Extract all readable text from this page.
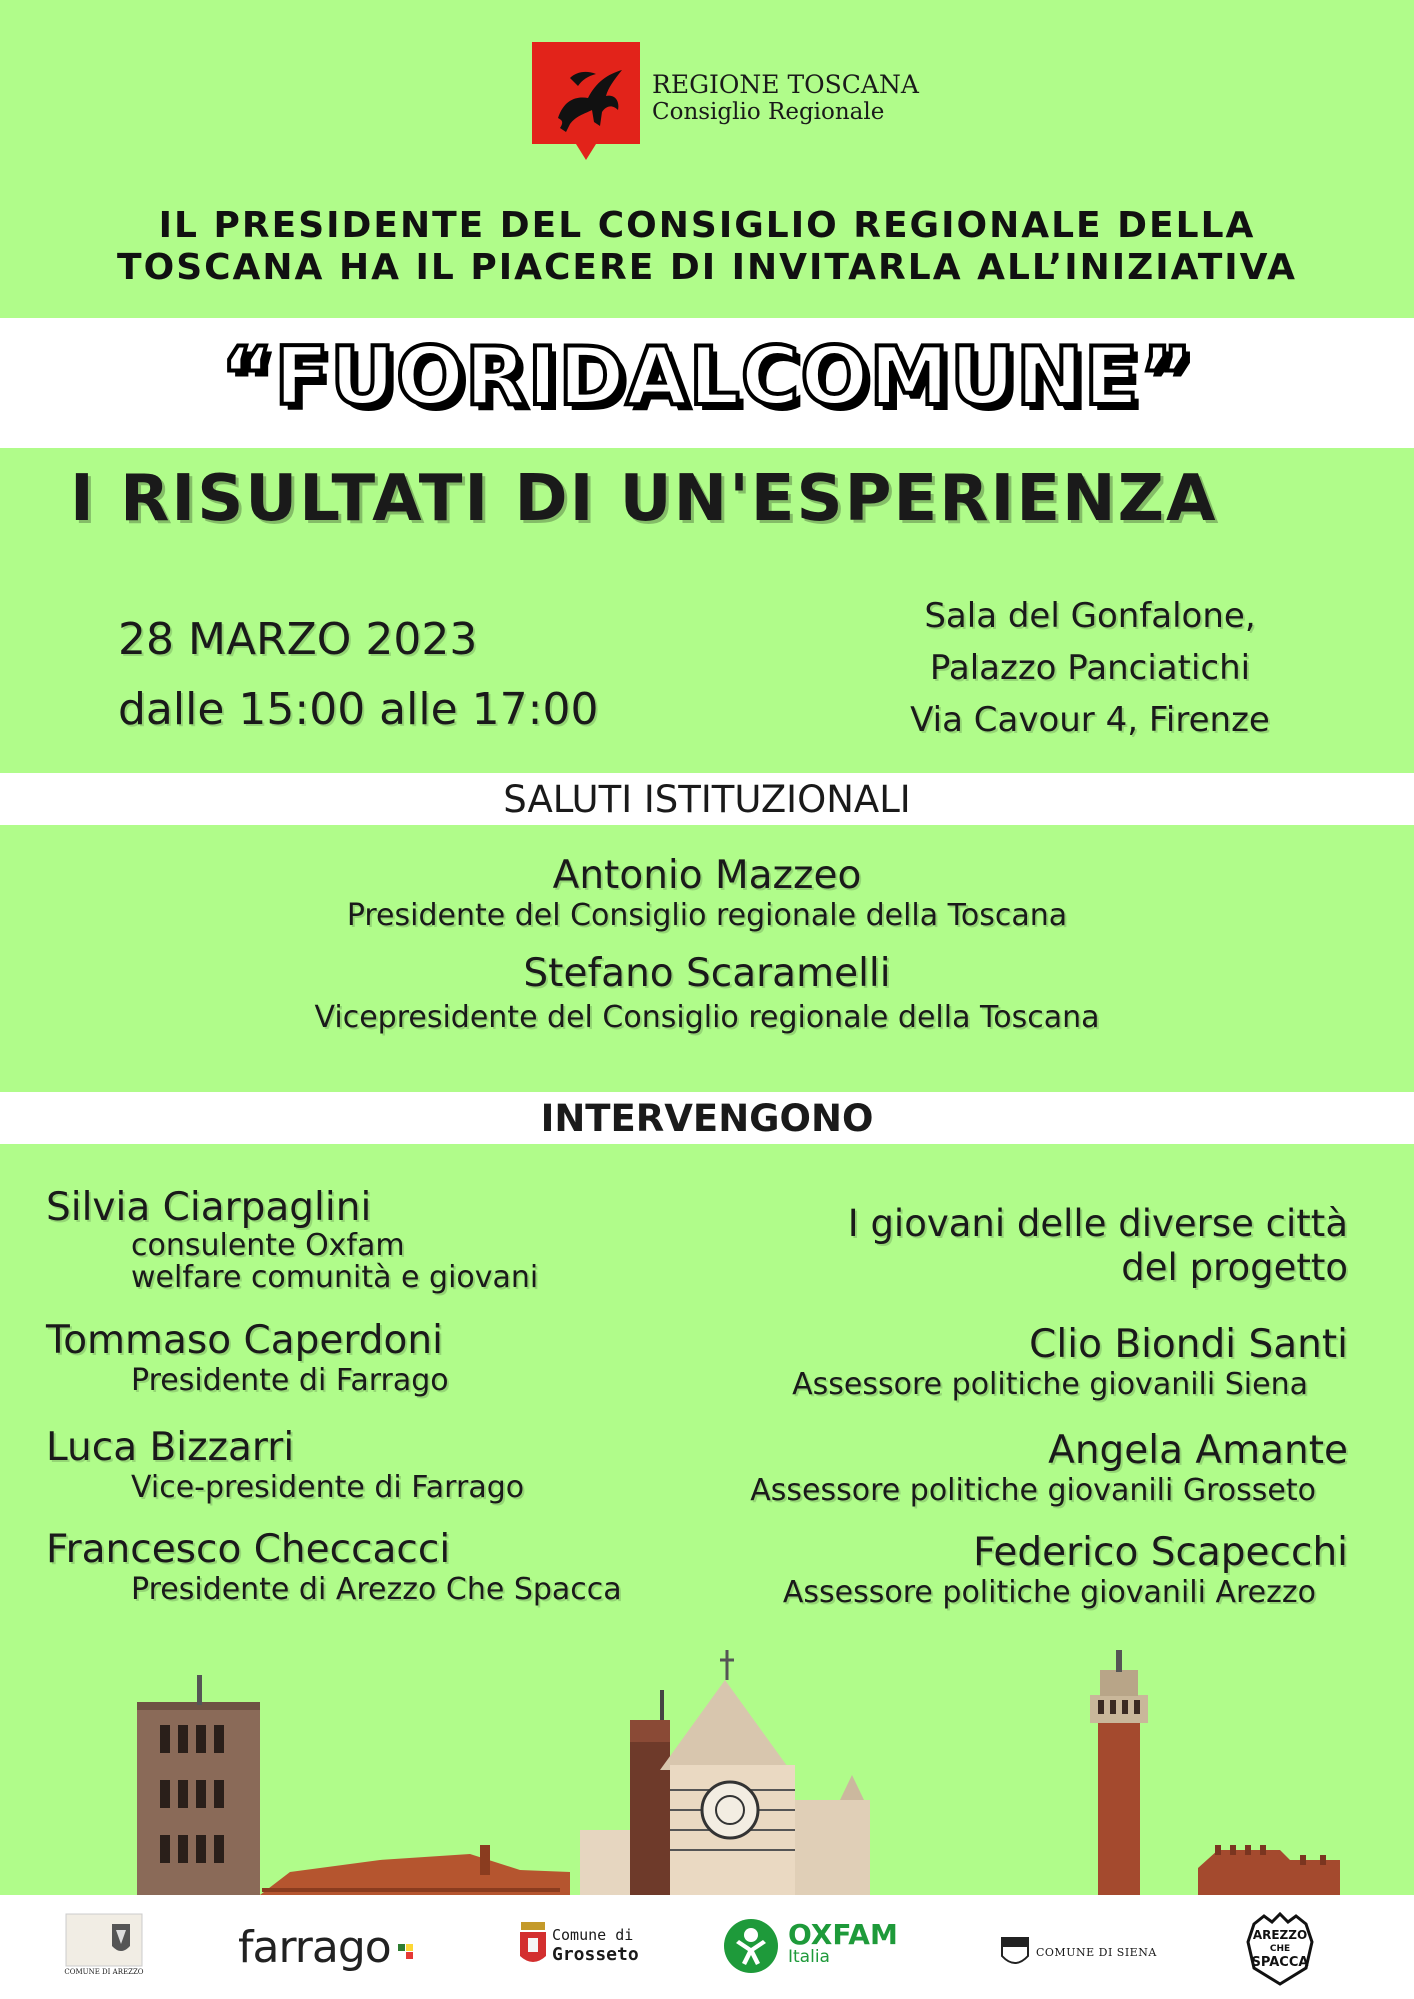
REGIONE TOSCANA
Consiglio Regionale
IL PRESIDENTE DEL CONSIGLIO REGIONALE DELLA
TOSCANA HA IL PIACERE DI INVITARLA ALL’INIZIATIVA
“FUORIDALCOMUNE”
I RISULTATI DI UN'ESPERIENZA
28 MARZO 2023
dalle 15:00 alle 17:00
Sala del Gonfalone,
Palazzo Panciatichi
Via Cavour 4, Firenze
SALUTI ISTITUZIONALI
Antonio Mazzeo
Presidente del Consiglio regionale della Toscana
Stefano Scaramelli
Vicepresidente del Consiglio regionale della Toscana
INTERVENGONO
Silvia Ciarpaglini
consulente Oxfam
welfare comunità e giovani
Tommaso Caperdoni
Presidente di Farrago
Luca Bizzarri
Vice-presidente di Farrago
Francesco Checcacci
Presidente di Arezzo Che Spacca
I giovani delle diverse città
del progetto
Clio Biondi Santi
Assessore politiche giovanili Siena
Angela Amante
Assessore politiche giovanili Grosseto
Federico Scapecchi
Assessore politiche giovanili Arezzo
COMUNE DI AREZZO farrago	Comune di
Grosseto
OXFAM
Italia	COMUNE DI SIENA
AREZZO
CHE
SPACCA
